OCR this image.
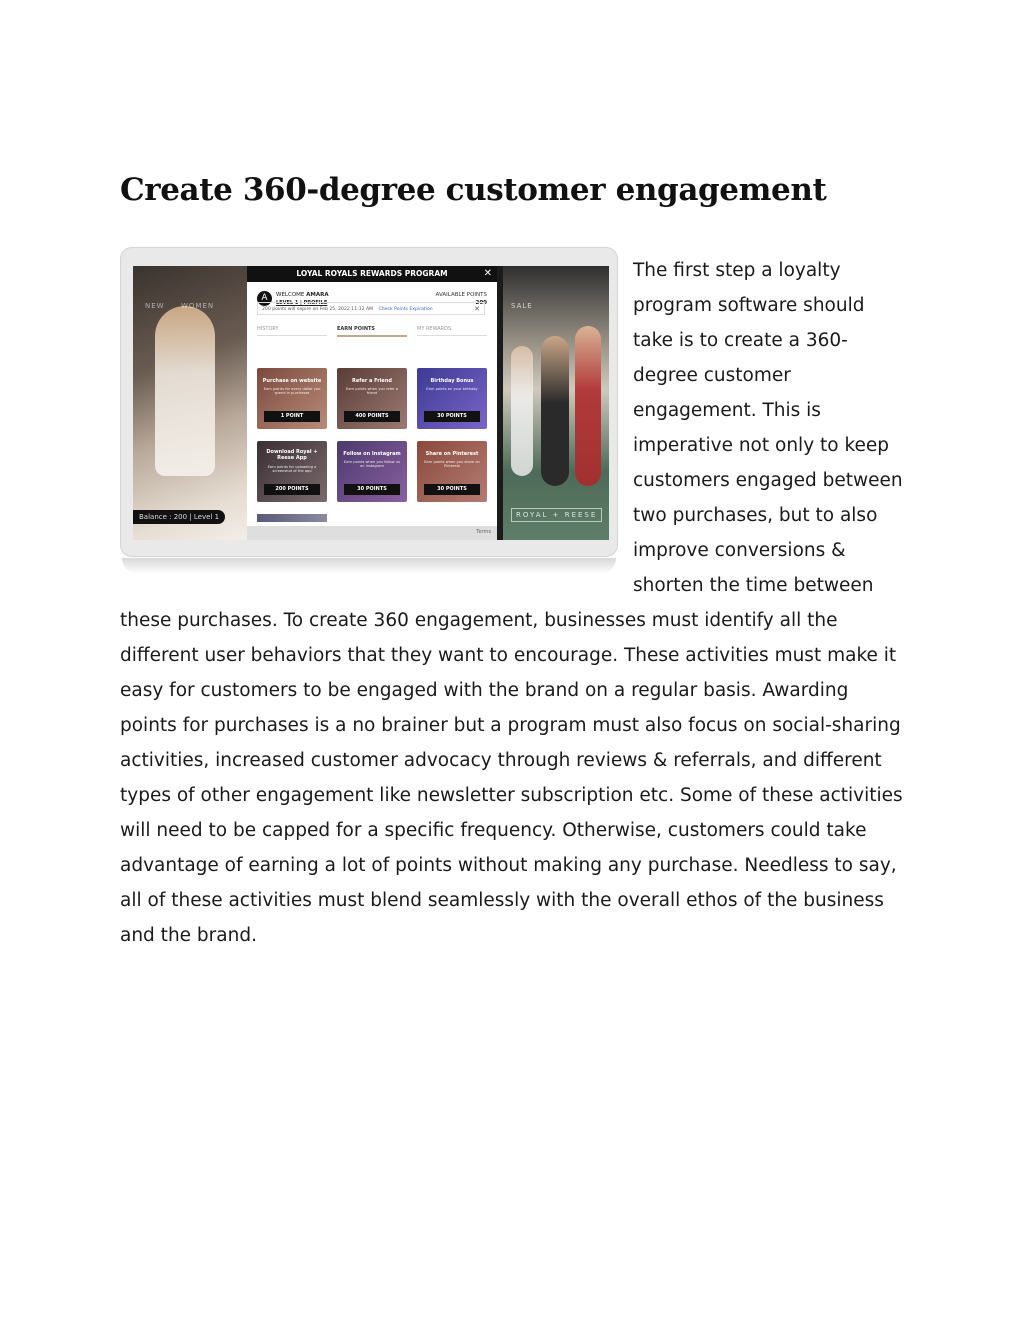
Create 360-degree customer engagement

The first step a loyalty program software should take is to create a 360-degree customer engagement. This is imperative not only to keep customers engaged between two purchases, but to also improve conversions & shorten the time between these purchases. To create 360 engagement, businesses must identify all the different user behaviors that they want to encourage. These activities must make it easy for customers to be engaged with the brand on a regular basis. Awarding points for purchases is a no brainer but a program must also focus on social-sharing activities, increased customer advocacy through reviews & referrals, and different types of other engagement like newsletter subscription etc. Some of these activities will need to be capped for a specific frequency. Otherwise, customers could take advantage of earning a lot of points without making any purchase. Needless to say, all of these activities must blend seamlessly with the overall ethos of the business and the brand.

NEW WOMEN	SALE
Balance : 200 | Level 1	ROYAL + REESE
LOYAL ROYALS REWARDS PROGRAM	✕
A	WELCOME AMARA
LEVEL 1 | PROFILE
AVAILABLE POINTS
200
200 points will expire on Feb 25, 2022 11:32 AM Check Points Expiration	✕
HISTORY	EARN POINTS	MY REWARDS
Purchase on website
Earn points for every dollar you spend in purchases
1 POINT
Refer a Friend
Earn points when you refer a friend
400 POINTS
Birthday Bonus
Earn points on your birthday
30 POINTS
Download Royal + Reese App
Earn points for uploading a screenshot of the app
200 POINTS
Follow on Instagram
Earn points when you follow us on Instagram
30 POINTS
Share on Pinterest
Earn points when you share on Pinterest
30 POINTS
Terms
